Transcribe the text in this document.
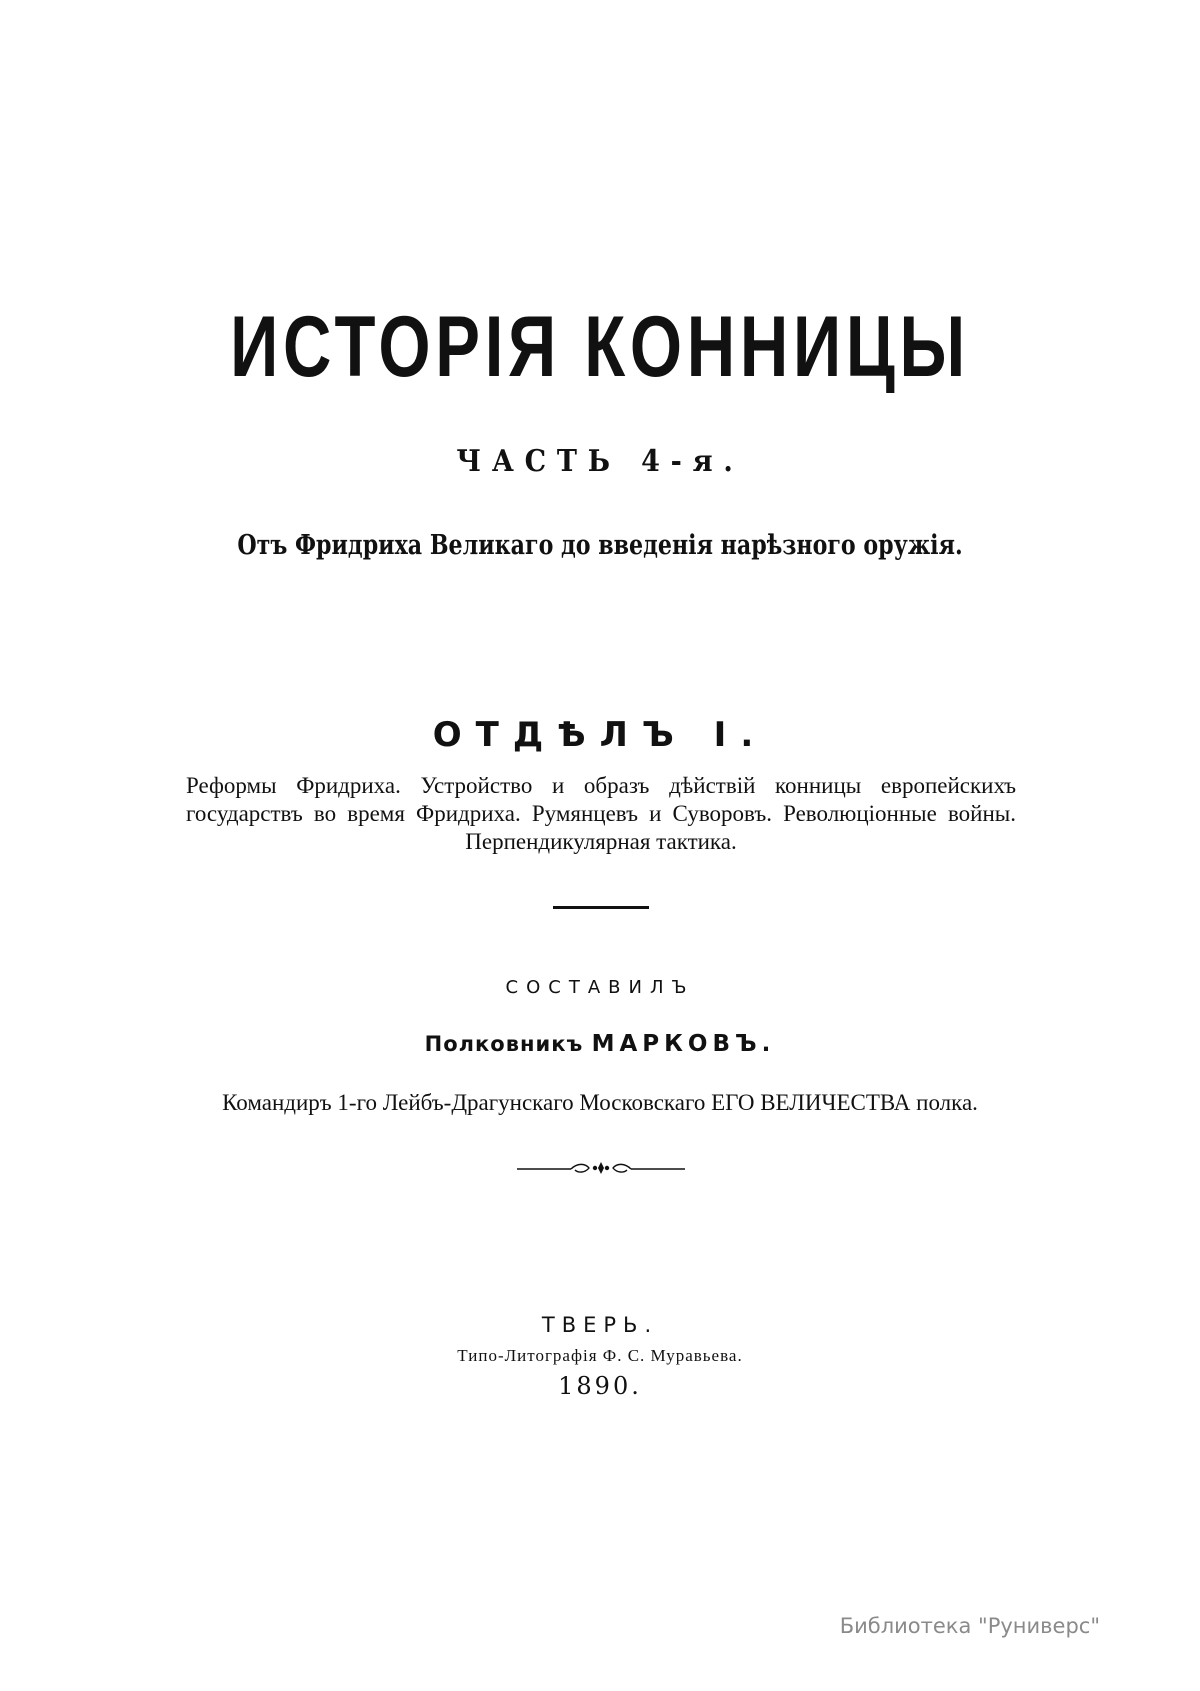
ИСТОРІЯ КОННИЦЫ
ЧАСТЬ 4-я.
Отъ Фридриха Великаго до введенія нарѣзного оружія.
ОТДѢЛЪ I.
Реформы Фридриха. Устройство и образъ дѣйствій конницы европейскихъ государствъ во время Фридриха. Румянцевъ и Суворовъ. Революціонные войны. Перпендикулярная тактика.
СОСТАВИЛЪ
Полковникъ МАРКОВЪ.
Командиръ 1-го Лейбъ-Драгунскаго Московскаго ЕГО ВЕЛИЧЕСТВА полка.
ТВЕРЬ.
Типо-Литографія Ф. С. Муравьева.
1890.
Библиотека "Руниверс"
